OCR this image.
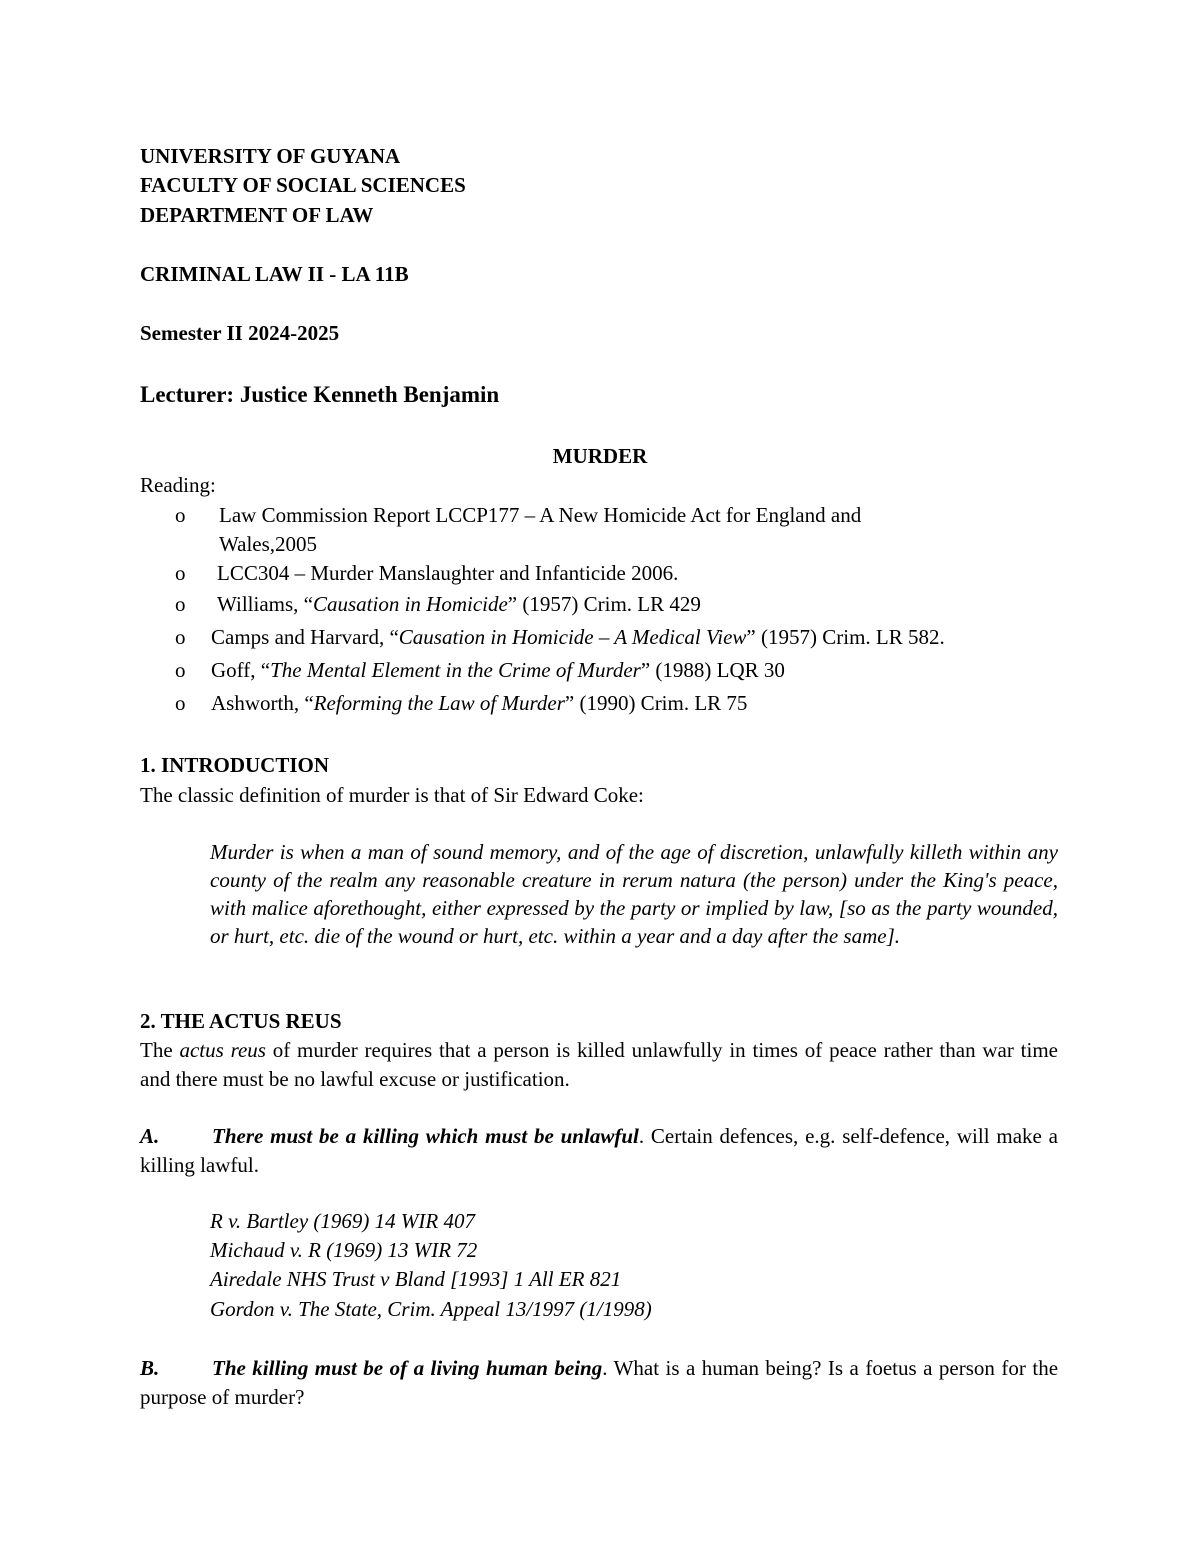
UNIVERSITY OF GUYANA
FACULTY OF SOCIAL SCIENCES
DEPARTMENT OF LAW
CRIMINAL LAW II - LA 11B
Semester II 2024-2025
Lecturer: Justice Kenneth Benjamin
MURDER
Reading:
o Law Commission Report LCCP177 – A New Homicide Act for England and
Wales,2005
o LCC304 – Murder Manslaughter and Infanticide 2006.
o Williams, “Causation in Homicide” (1957) Crim. LR 429
o Camps and Harvard, “Causation in Homicide – A Medical View” (1957) Crim. LR 582.
o Goff, “The Mental Element in the Crime of Murder” (1988) LQR 30
o Ashworth, “Reforming the Law of Murder” (1990) Crim. LR 75
1. INTRODUCTION
The classic definition of murder is that of Sir Edward Coke:
Murder is when a man of sound memory, and of the age of discretion, unlawfully killeth within any county of the realm any reasonable creature in rerum natura (the person) under the King's peace, with malice aforethought, either expressed by the party or implied by law, [so as the party wounded, or hurt, etc. die of the wound or hurt, etc. within a year and a day after the same].
2. THE ACTUS REUS
The actus reus of murder requires that a person is killed unlawfully in times of peace rather than war time and there must be no lawful excuse or justification.
A.	There must be a killing which must be unlawful. Certain defences, e.g. self-defence, will make a killing lawful.
R v. Bartley (1969) 14 WIR 407
Michaud v. R (1969) 13 WIR 72
Airedale NHS Trust v Bland [1993] 1 All ER 821
Gordon v. The State, Crim. Appeal 13/1997 (1/1998)
B.	The killing must be of a living human being. What is a human being? Is a foetus a person for the purpose of murder?
